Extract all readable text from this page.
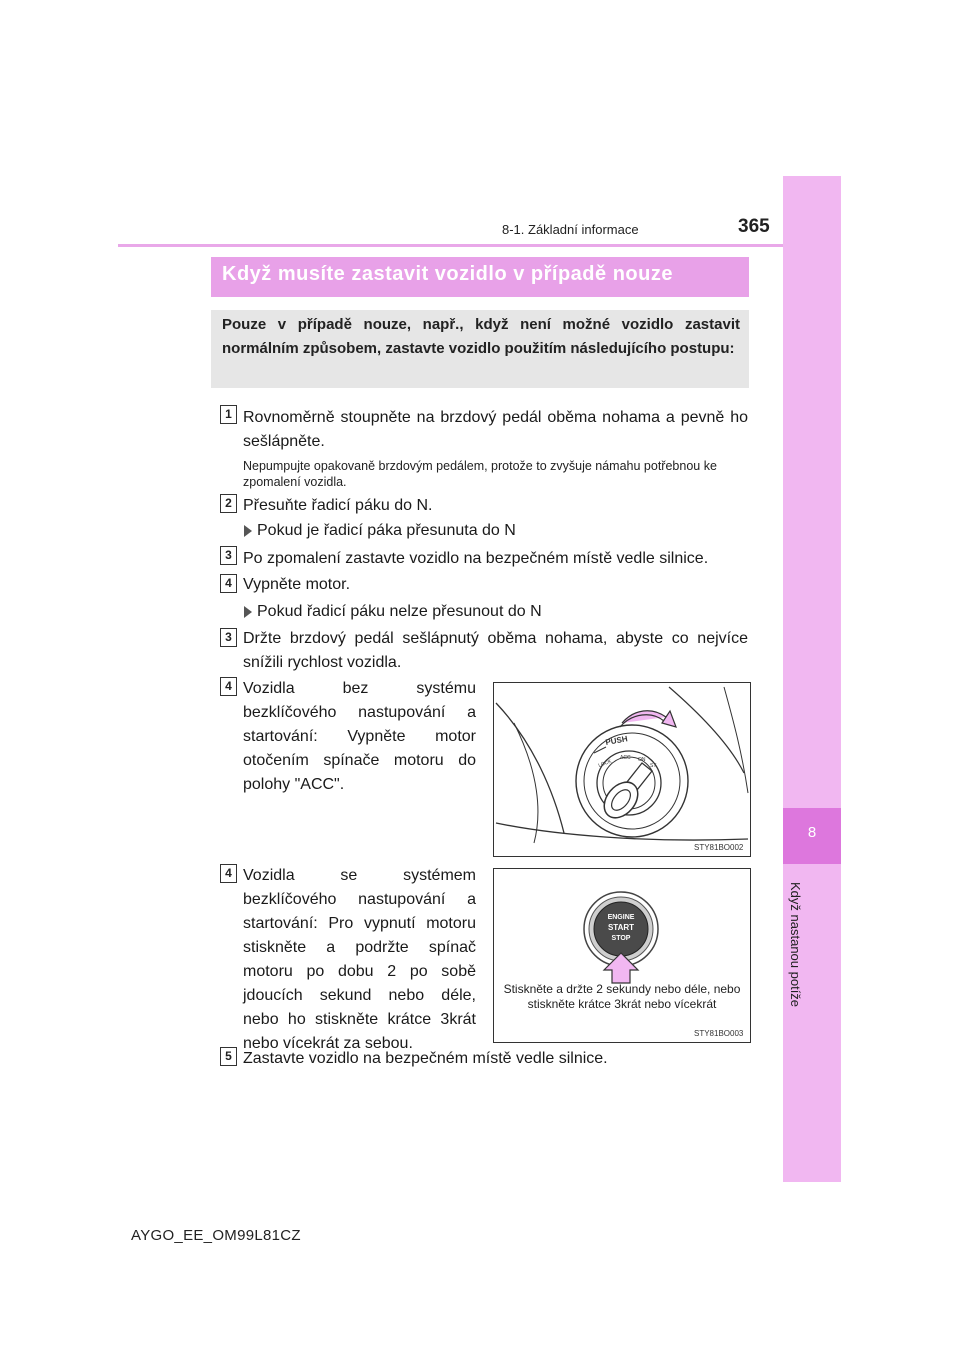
8
Když nastanou potíže
8-1. Základní informace	365
Když musíte zastavit vozidlo v případě nouze
Pouze v případě nouze, např., když není možné vozidlo zastavit normálním způsobem, zastavte vozidlo použitím následujícího postupu:
1 Rovnoměrně stoupněte na brzdový pedál oběma nohama a pevně ho sešlápněte.
Nepumpujte opakovaně brzdovým pedálem, protože to zvyšuje námahu potřebnou ke zpomalení vozidla.
2 Přesuňte řadicí páku do N.
Pokud je řadicí páka přesunuta do N
3 Po zpomalení zastavte vozidlo na bezpečném místě vedle silnice.
4 Vypněte motor.
Pokud řadicí páku nelze přesunout do N
3 Držte brzdový pedál sešlápnutý oběma nohama, abyste co nejvíce snížili rychlost vozidla.
4 Vozidla bez systému bezklíčového nastupování a startování: Vypněte motor otočením spínače motoru do polohy "ACC".
PUSH
LOCK
ACC ON
ST
STY81BO002
4 Vozidla se systémem bezklíčového nastupování a startování: Pro vypnutí motoru stiskněte a podržte spínač motoru po dobu 2 po sobě jdoucích sekund nebo déle, nebo ho stiskněte krátce 3krát nebo vícekrát za sebou.
ENGINE
START
STOP
Stiskněte a držte 2 sekundy nebo déle, nebo stiskněte krátce 3krát nebo vícekrát
STY81BO003
5 Zastavte vozidlo na bezpečném místě vedle silnice.
AYGO_EE_OM99L81CZ
